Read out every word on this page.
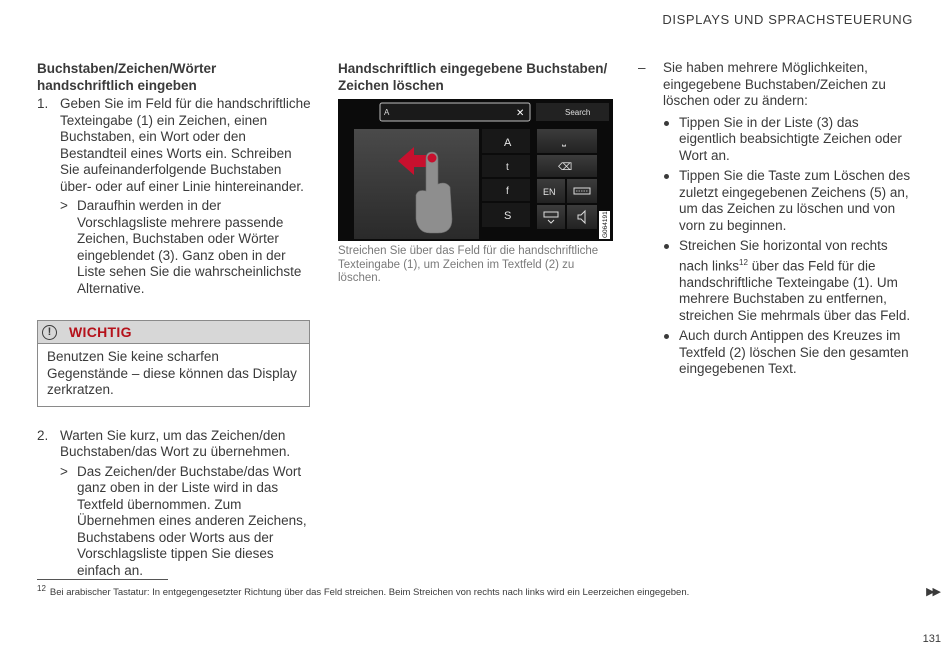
DISPLAYS UND SPRACHSTEUERUNG
Buchstaben/Zeichen/Wörter handschriftlich eingeben
1. Geben Sie im Feld für die handschriftliche Texteingabe (1) ein Zeichen, einen Buchstaben, ein Wort oder den Bestandteil eines Worts ein. Schreiben Sie aufeinanderfolgende Buchstaben über- oder auf einer Linie hintereinander.
> Daraufhin werden in der Vorschlagsliste mehrere passende Zeichen, Buchstaben oder Wörter eingeblendet (3). Ganz oben in der Liste sehen Sie die wahrscheinlichste Alternative.
!	WICHTIG
Benutzen Sie keine scharfen Gegenstände – diese können das Display zerkratzen.
2. Warten Sie kurz, um das Zeichen/den Buchstaben/das Wort zu übernehmen.
> Das Zeichen/der Buchstabe/das Wort ganz oben in der Liste wird in das Textfeld übernommen. Zum Übernehmen eines anderen Zeichens, Buchstabens oder Worts aus der Vorschlagsliste tippen Sie dieses einfach an.
Handschriftlich eingegebene Buchstaben/ Zeichen löschen
A	✕	Search
A
t
f
S
⎵
⌫
EN
G064191
Streichen Sie über das Feld für die handschriftliche Texteingabe (1), um Zeichen im Textfeld (2) zu löschen.
– Sie haben mehrere Möglichkeiten, eingegebene Buchstaben/Zeichen zu löschen oder zu ändern:
Tippen Sie in der Liste (3) das eigentlich beabsichtigte Zeichen oder Wort an.
Tippen Sie die Taste zum Löschen des zuletzt eingegebenen Zeichens (5) an, um das Zeichen zu löschen und von vorn zu beginnen.
Streichen Sie horizontal von rechts nach links$^{12}$ über das Feld für die handschriftliche Texteingabe (1). Um mehrere Buchstaben zu entfernen, streichen Sie mehrmals über das Feld.
Auch durch Antippen des Kreuzes im Textfeld (2) löschen Sie den gesamten eingegebenen Text.
$^{12}$ Bei arabischer Tastatur: In entgegengesetzter Richtung über das Feld streichen. Beim Streichen von rechts nach links wird ein Leerzeichen eingegeben.	▶▶
131
